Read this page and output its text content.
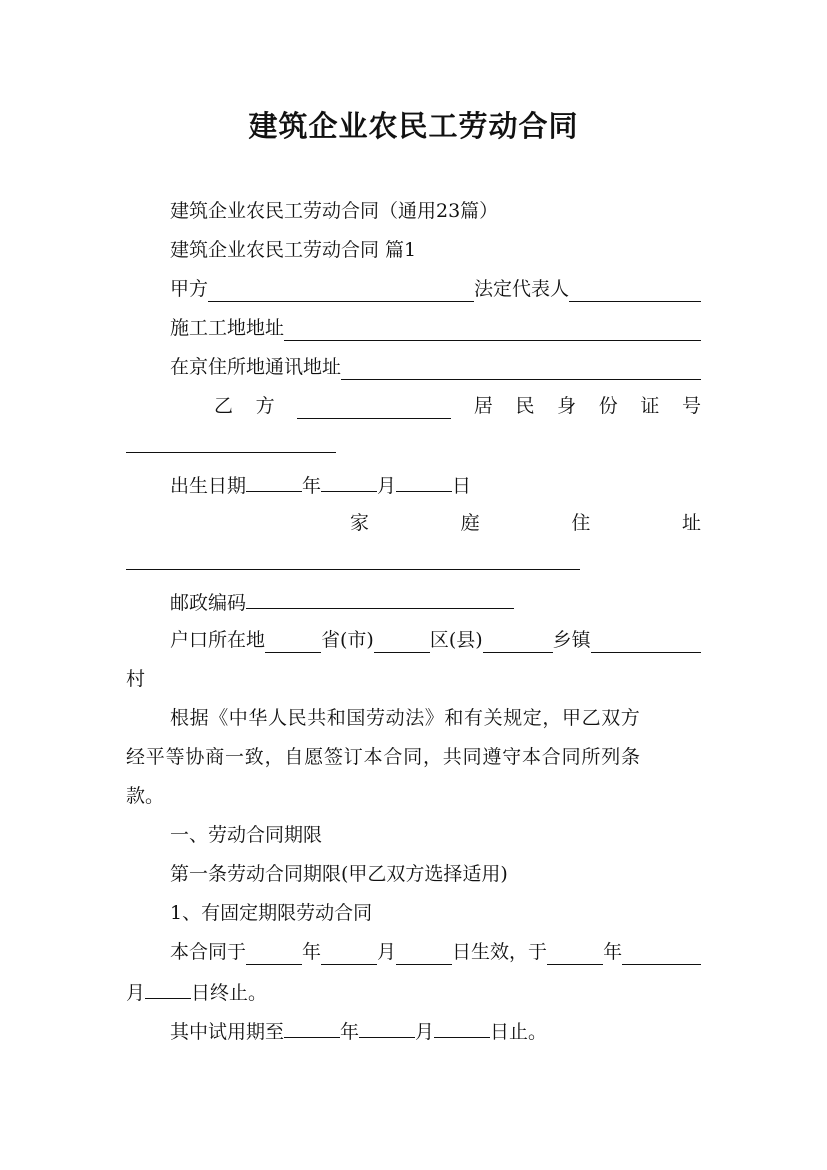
建筑企业农民工劳动合同
建筑企业农民工劳动合同（通用23篇）
建筑企业农民工劳动合同 篇1
甲方	法定代表人
施工工地地址
在京住所地通讯地址
乙 方	居 民 身 份 证 号
出生日期	年	月	日
家	庭	住	址
邮政编码
户口所在地	省(市)	区(县)	乡镇
村
根据《中华人民共和国劳动法》和有关规定，甲乙双方
经平等协商一致，自愿签订本合同，共同遵守本合同所列条
款。
一、劳动合同期限
第一条劳动合同期限(甲乙双方选择适用)
1、有固定期限劳动合同
本合同于	年	月	日生效，于	年
月 日终止。
其中试用期至	年	月	日止。
